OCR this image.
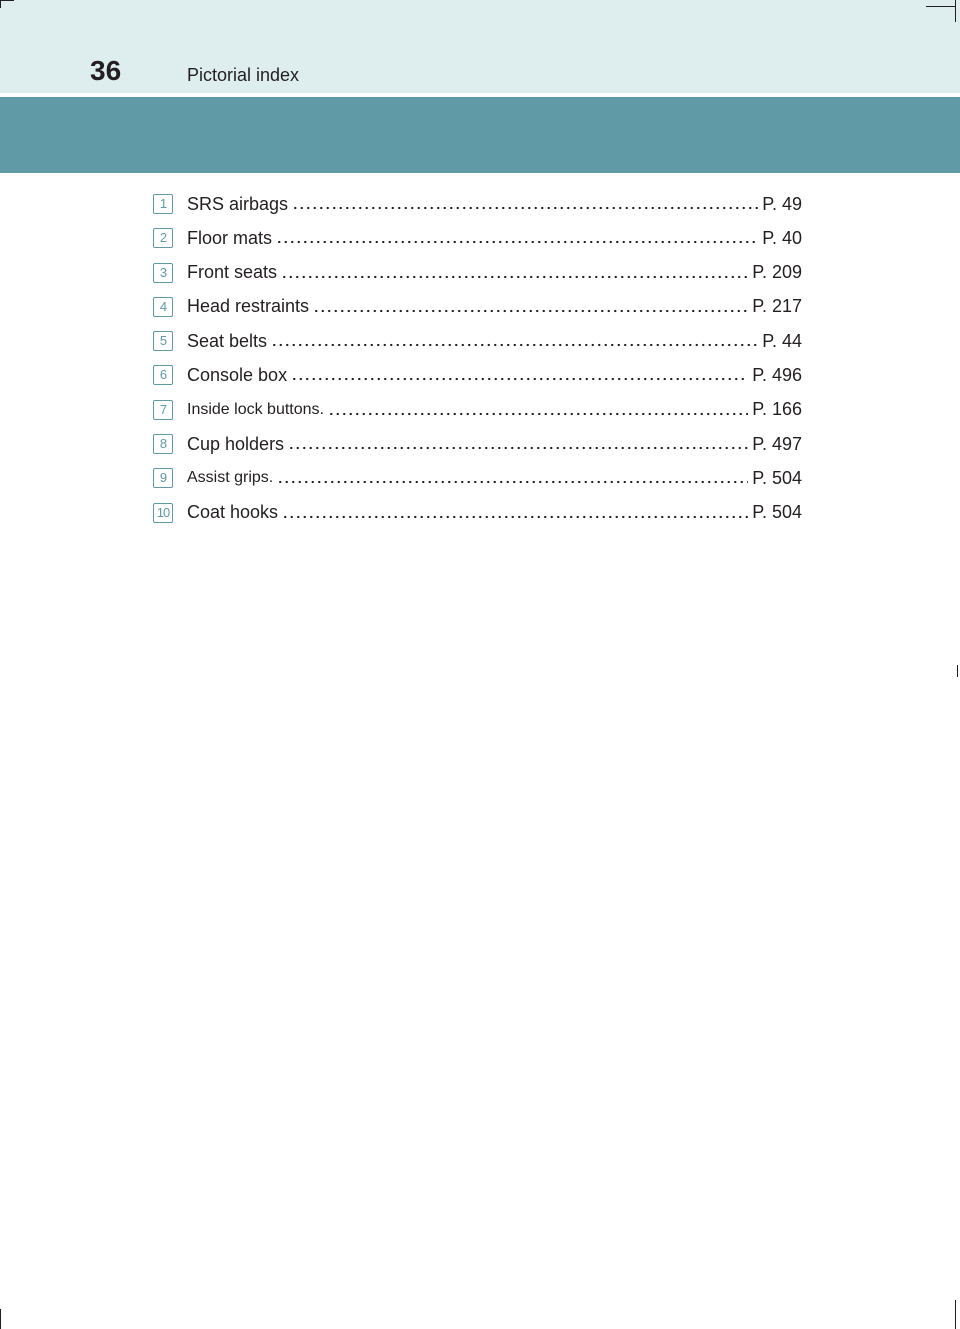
36	Pictorial index
1	SRS airbags	P. 49
2	Floor mats	P. 40
3	Front seats	P. 209
4	Head restraints	P. 217
5	Seat belts	P. 44
6	Console box	P. 496
7	Inside lock buttons.	P. 166
8	Cup holders	P. 497
9	Assist grips.	P. 504
10 Coat hooks	P. 504
